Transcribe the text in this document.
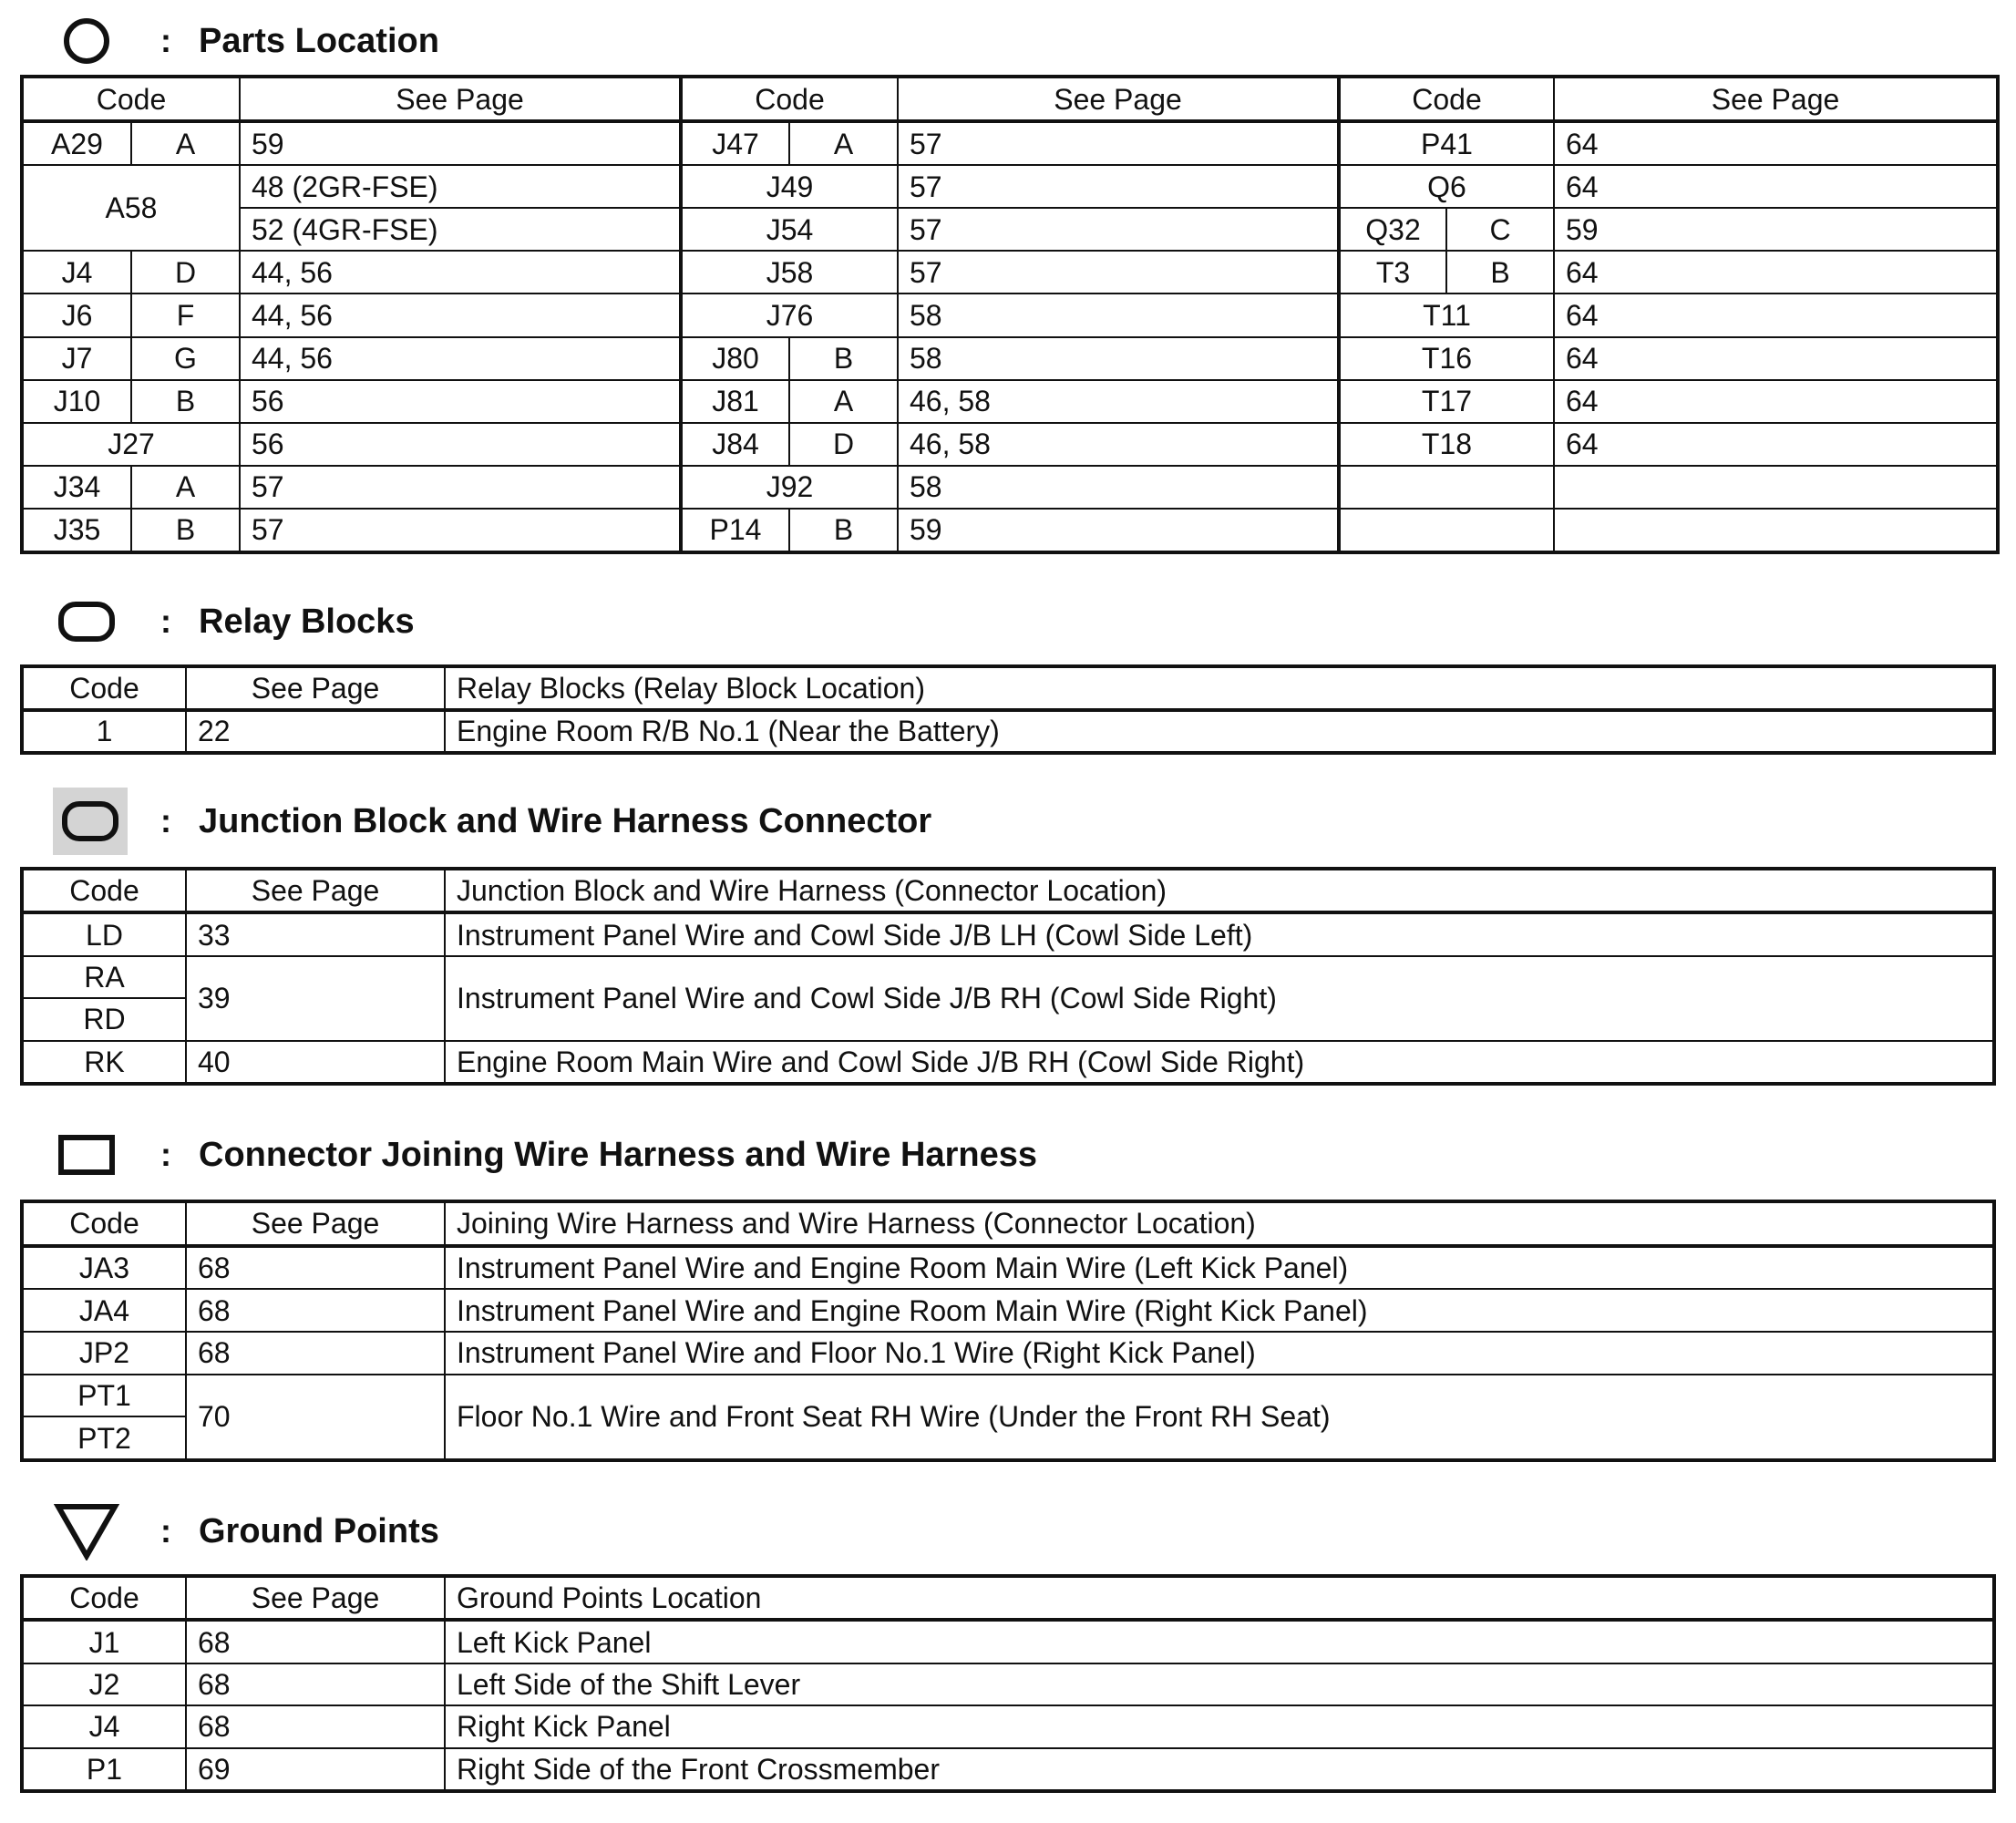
: Parts Location
Code		See Page	Code		See Page	Code		See Page
A29	A	59	J47	A	57	P41		64
A58		48 (2GR-FSE)	J49		57	Q6		64
		52 (4GR-FSE)	J54		57	Q32	C	59
J4	D	44, 56	J58		57	T3	B	64
J6	F	44, 56	J76		58	T11		64
J7	G	44, 56	J80	B	58	T16		64
J10	B	56	J81	A	46, 58	T17		64
J27		56	J84	D	46, 58	T18		64
J34	A	57	J92		58			
J35	B	57	P14	B	59			
: Relay Blocks
Code	See Page	Relay Blocks (Relay Block Location)
1	22	Engine Room R/B No.1 (Near the Battery)
: Junction Block and Wire Harness Connector
Code	See Page	Junction Block and Wire Harness (Connector Location)
LD	33	Instrument Panel Wire and Cowl Side J/B LH (Cowl Side Left)
RA	39	Instrument Panel Wire and Cowl Side J/B RH (Cowl Side Right)
RD		
RK	40	Engine Room Main Wire and Cowl Side J/B RH (Cowl Side Right)
: Connector Joining Wire Harness and Wire Harness
Code	See Page	Joining Wire Harness and Wire Harness (Connector Location)
JA3	68	Instrument Panel Wire and Engine Room Main Wire (Left Kick Panel)
JA4	68	Instrument Panel Wire and Engine Room Main Wire (Right Kick Panel)
JP2	68	Instrument Panel Wire and Floor No.1 Wire (Right Kick Panel)
PT1	70	Floor No.1 Wire and Front Seat RH Wire (Under the Front RH Seat)
PT2		
: Ground Points
Code	See Page	Ground Points Location
J1	68	Left Kick Panel
J2	68	Left Side of the Shift Lever
J4	68	Right Kick Panel
P1	69	Right Side of the Front Crossmember
